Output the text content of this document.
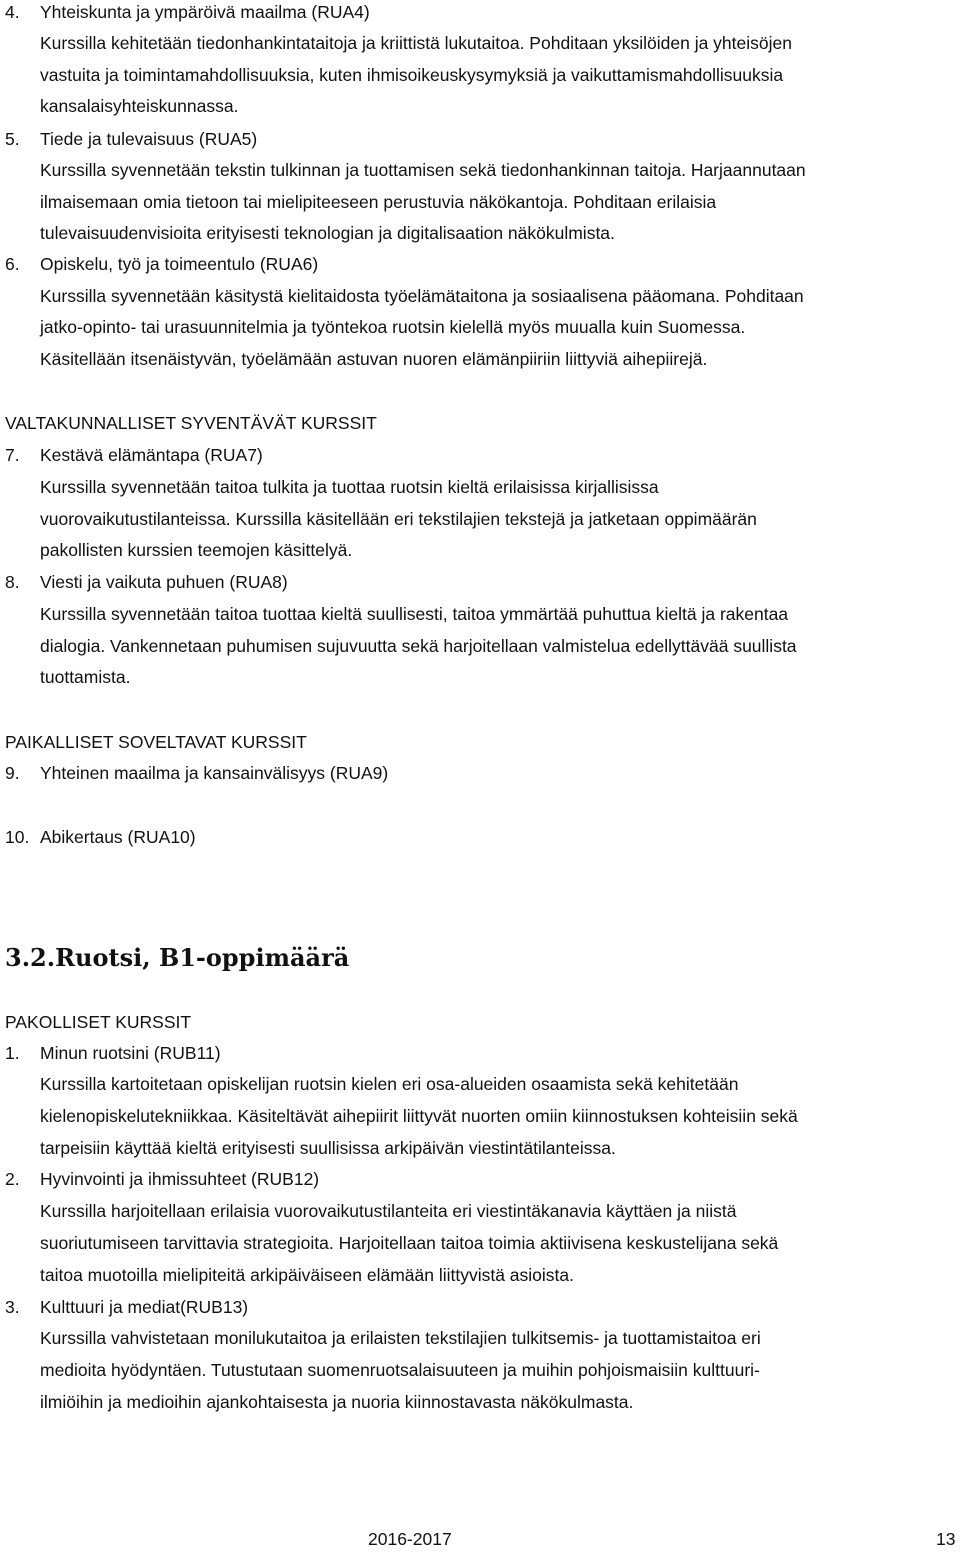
4. Yhteiskunta ja ympäröivä maailma (RUA4)
Kurssilla kehitetään tiedonhankintataitoja ja kriittistä lukutaitoa. Pohditaan yksilöiden ja yhteisöjen
vastuita ja toimintamahdollisuuksia, kuten ihmisoikeuskysymyksiä ja vaikuttamismahdollisuuksia
kansalaisyhteiskunnassa.
5. Tiede ja tulevaisuus (RUA5)
Kurssilla syvennetään tekstin tulkinnan ja tuottamisen sekä tiedonhankinnan taitoja. Harjaannutaan
ilmaisemaan omia tietoon tai mielipiteeseen perustuvia näkökantoja. Pohditaan erilaisia
tulevaisuudenvisioita erityisesti teknologian ja digitalisaation näkökulmista.
6. Opiskelu, työ ja toimeentulo (RUA6)
Kurssilla syvennetään käsitystä kielitaidosta työelämätaitona ja sosiaalisena pääomana. Pohditaan
jatko-opinto- tai urasuunnitelmia ja työntekoa ruotsin kielellä myös muualla kuin Suomessa.
Käsitellään itsenäistyvän, työelämään astuvan nuoren elämänpiiriin liittyviä aihepiirejä.
VALTAKUNNALLISET SYVENTÄVÄT KURSSIT
7. Kestävä elämäntapa (RUA7)
Kurssilla syvennetään taitoa tulkita ja tuottaa ruotsin kieltä erilaisissa kirjallisissa
vuorovaikutustilanteissa. Kurssilla käsitellään eri tekstilajien tekstejä ja jatketaan oppimäärän
pakollisten kurssien teemojen käsittelyä.
8. Viesti ja vaikuta puhuen (RUA8)
Kurssilla syvennetään taitoa tuottaa kieltä suullisesti, taitoa ymmärtää puhuttua kieltä ja rakentaa
dialogia. Vankennetaan puhumisen sujuvuutta sekä harjoitellaan valmistelua edellyttävää suullista
tuottamista.
PAIKALLISET SOVELTAVAT KURSSIT
9. Yhteinen maailma ja kansainvälisyys (RUA9)
10. Abikertaus (RUA10)
3.2.Ruotsi, B1-oppimäärä
PAKOLLISET KURSSIT
1. Minun ruotsini (RUB11)
Kurssilla kartoitetaan opiskelijan ruotsin kielen eri osa-alueiden osaamista sekä kehitetään
kielenopiskelutekniikkaa. Käsiteltävät aihepiirit liittyvät nuorten omiin kiinnostuksen kohteisiin sekä
tarpeisiin käyttää kieltä erityisesti suullisissa arkipäivän viestintätilanteissa.
2. Hyvinvointi ja ihmissuhteet (RUB12)
Kurssilla harjoitellaan erilaisia vuorovaikutustilanteita eri viestintäkanavia käyttäen ja niistä
suoriutumiseen tarvittavia strategioita. Harjoitellaan taitoa toimia aktiivisena keskustelijana sekä
taitoa muotoilla mielipiteitä arkipäiväiseen elämään liittyvistä asioista.
3. Kulttuuri ja mediat(RUB13)
Kurssilla vahvistetaan monilukutaitoa ja erilaisten tekstilajien tulkitsemis- ja tuottamistaitoa eri
medioita hyödyntäen. Tutustutaan suomenruotsalaisuuteen ja muihin pohjoismaisiin kulttuuri-
ilmiöihin ja medioihin ajankohtaisesta ja nuoria kiinnostavasta näkökulmasta.
2016-2017	13
